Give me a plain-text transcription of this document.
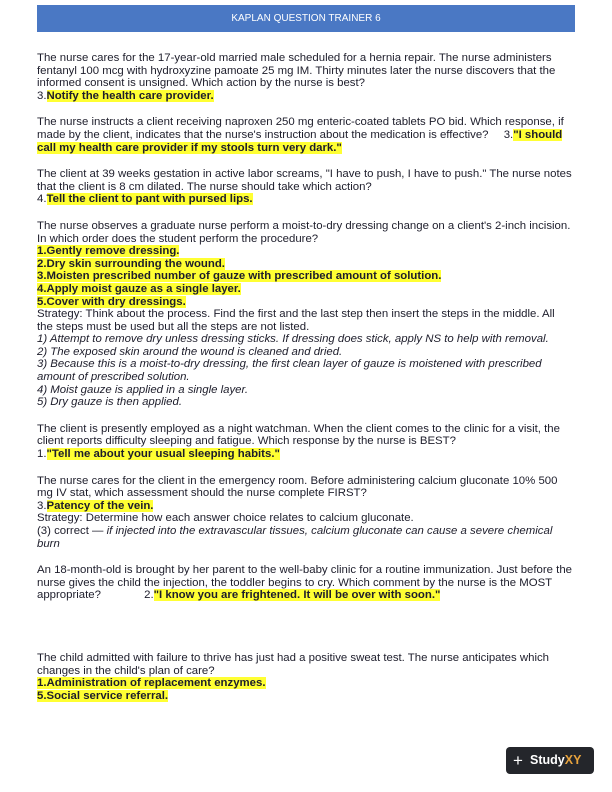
KAPLAN QUESTION TRAINER 6

The nurse cares for the 17-year-old married male scheduled for a hernia repair. The nurse administers fentanyl 100 mcg with hydroxyzine pamoate 25 mg IM. Thirty minutes later the nurse discovers that the informed consent is unsigned. Which action by the nurse is best?
3.Notify the health care provider.

The nurse instructs a client receiving naproxen 250 mg enteric-coated tablets PO bid. Which response, if made by the client, indicates that the nurse's instruction about the medication is effective? 3."I should call my health care provider if my stools turn very dark."

The client at 39 weeks gestation in active labor screams, "I have to push, I have to push." The nurse notes that the client is 8 cm dilated. The nurse should take which action?
4.Tell the client to pant with pursed lips.

The nurse observes a graduate nurse perform a moist-to-dry dressing change on a client's 2-inch incision. In which order does the student perform the procedure?
1.Gently remove dressing.
2.Dry skin surrounding the wound.
3.Moisten prescribed number of gauze with prescribed amount of solution.
4.Apply moist gauze as a single layer.
5.Cover with dry dressings.
Strategy: Think about the process. Find the first and the last step then insert the steps in the middle. All the steps must be used but all the steps are not listed.
1) Attempt to remove dry unless dressing sticks. If dressing does stick, apply NS to help with removal.
2) The exposed skin around the wound is cleaned and dried.
3) Because this is a moist-to-dry dressing, the first clean layer of gauze is moistened with prescribed amount of prescribed solution.
4) Moist gauze is applied in a single layer.
5) Dry gauze is then applied.

The client is presently employed as a night watchman. When the client comes to the clinic for a visit, the client reports difficulty sleeping and fatigue. Which response by the nurse is BEST?
1."Tell me about your usual sleeping habits."

The nurse cares for the client in the emergency room. Before administering calcium gluconate 10% 500 mg IV stat, which assessment should the nurse complete FIRST?
3.Patency of the vein.
Strategy: Determine how each answer choice relates to calcium gluconate.
(3) correct — if injected into the extravascular tissues, calcium gluconate can cause a severe chemical burn

An 18-month-old is brought by her parent to the well-baby clinic for a routine immunization. Just before the nurse gives the child the injection, the toddler begins to cry. Which comment by the nurse is the MOST appropriate?	2."I know you are frightened. It will be over with soon."

The child admitted with failure to thrive has just had a positive sweat test. The nurse anticipates which changes in the child's plan of care?
1.Administration of replacement enzymes.
5.Social service referral.

+ StudyXY
